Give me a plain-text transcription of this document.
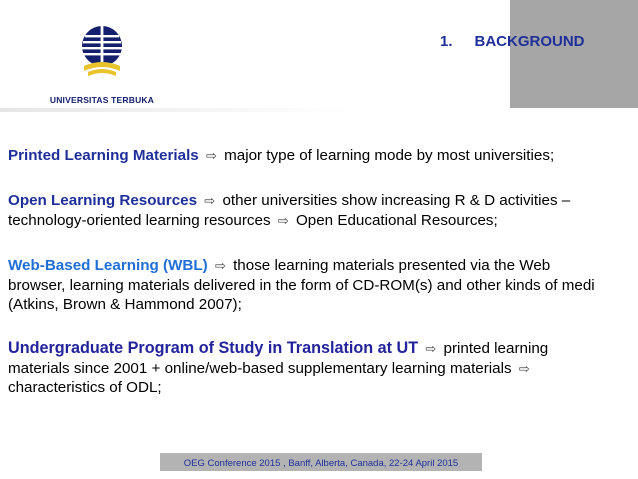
UNIVERSITAS TERBUKA
1. BACKGROUND
Printed Learning Materials ⇨ major type of learning mode by most universities;
Open Learning Resources ⇨ other universities show increasing R & D activities –
technology-oriented learning resources ⇨ Open Educational Resources;
Web-Based Learning (WBL) ⇨ those learning materials presented via the Web
browser, learning materials delivered in the form of CD-ROM(s) and other kinds of medi
(Atkins, Brown & Hammond 2007);
Undergraduate Program of Study in Translation at UT ⇨ printed learning
materials since 2001 + online/web-based supplementary learning materials ⇨
characteristics of ODL;
OEG Conference 2015 , Banff, Alberta, Canada, 22-24 April 2015
